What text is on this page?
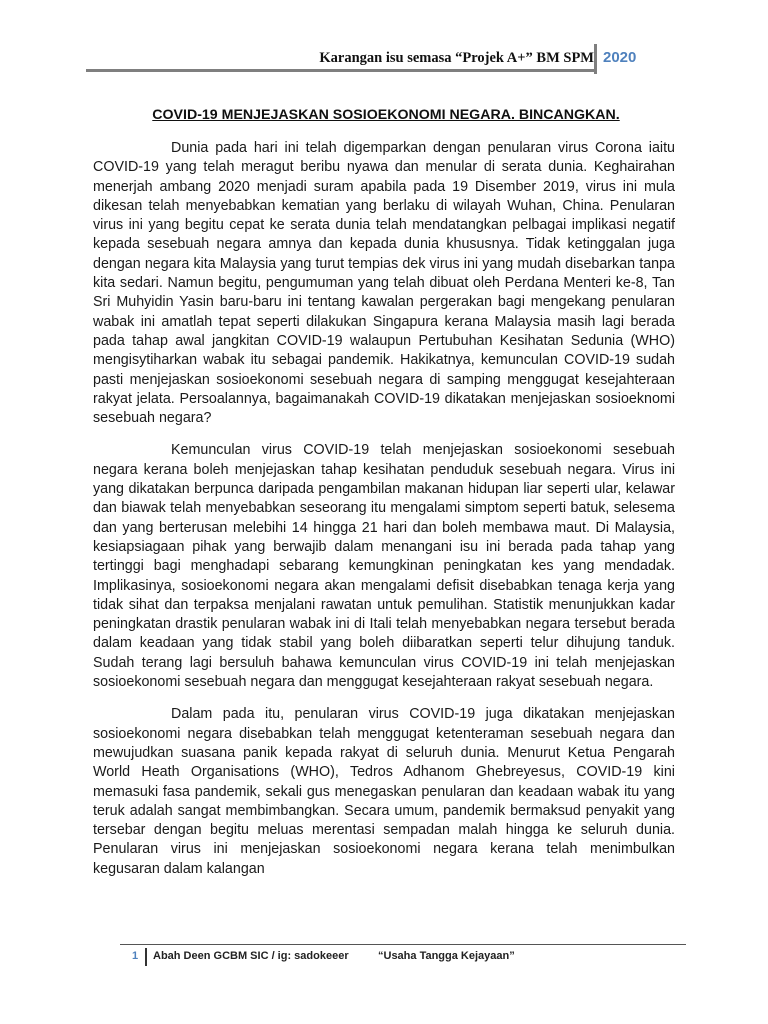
Karangan isu semasa “Projek A+” BM SPM 2020
COVID-19 MENJEJASKAN SOSIOEKONOMI NEGARA. BINCANGKAN.

Dunia pada hari ini telah digemparkan dengan penularan virus Corona iaitu COVID-19 yang telah meragut beribu nyawa dan menular di serata dunia. Keghairahan menerjah ambang 2020 menjadi suram apabila pada 19 Disember 2019, virus ini mula dikesan telah menyebabkan kematian yang berlaku di wilayah Wuhan, China. Penularan virus ini yang begitu cepat ke serata dunia telah mendatangkan pelbagai implikasi negatif kepada sesebuah negara amnya dan kepada dunia khususnya. Tidak ketinggalan juga dengan negara kita Malaysia yang turut tempias dek virus ini yang mudah disebarkan tanpa kita sedari. Namun begitu, pengumuman yang telah dibuat oleh Perdana Menteri ke-8, Tan Sri Muhyidin Yasin baru-baru ini tentang kawalan pergerakan bagi mengekang penularan wabak ini amatlah tepat seperti dilakukan Singapura kerana Malaysia masih lagi berada pada tahap awal jangkitan COVID-19 walaupun Pertubuhan Kesihatan Sedunia (WHO) mengisytiharkan wabak itu sebagai pandemik. Hakikatnya, kemunculan COVID-19 sudah pasti menjejaskan sosioekonomi sesebuah negara di samping menggugat kesejahteraan rakyat jelata. Persoalannya, bagaimanakah COVID-19 dikatakan menjejaskan sosioeknomi sesebuah negara?

Kemunculan virus COVID-19 telah menjejaskan sosioekonomi sesebuah negara kerana boleh menjejaskan tahap kesihatan penduduk sesebuah negara. Virus ini yang dikatakan berpunca daripada pengambilan makanan hidupan liar seperti ular, kelawar dan biawak telah menyebabkan seseorang itu mengalami simptom seperti batuk, selesema dan yang berterusan melebihi 14 hingga 21 hari dan boleh membawa maut. Di Malaysia, kesiapsiagaan pihak yang berwajib dalam menangani isu ini berada pada tahap yang tertinggi bagi menghadapi sebarang kemungkinan peningkatan kes yang mendadak. Implikasinya, sosioekonomi negara akan mengalami defisit disebabkan tenaga kerja yang tidak sihat dan terpaksa menjalani rawatan untuk pemulihan. Statistik menunjukkan kadar peningkatan drastik penularan wabak ini di Itali telah menyebabkan negara tersebut berada dalam keadaan yang tidak stabil yang boleh diibaratkan seperti telur dihujung tanduk. Sudah terang lagi bersuluh bahawa kemunculan virus COVID-19 ini telah menjejaskan sosioekonomi sesebuah negara dan menggugat kesejahteraan rakyat sesebuah negara.

Dalam pada itu, penularan virus COVID-19 juga dikatakan menjejaskan sosioekonomi negara disebabkan telah menggugat ketenteraman sesebuah negara dan mewujudkan suasana panik kepada rakyat di seluruh dunia. Menurut Ketua Pengarah World Heath Organisations (WHO), Tedros Adhanom Ghebreyesus, COVID-19 kini memasuki fasa pandemik, sekali gus menegaskan penularan dan keadaan wabak itu yang teruk adalah sangat membimbangkan. Secara umum, pandemik bermaksud penyakit yang tersebar dengan begitu meluas merentasi sempadan malah hingga ke seluruh dunia. Penularan virus ini menjejaskan sosioekonomi negara kerana telah menimbulkan kegusaran dalam kalangan

1 Abah Deen GCBM SIC / ig: sadokeeer	“Usaha Tangga Kejayaan”
